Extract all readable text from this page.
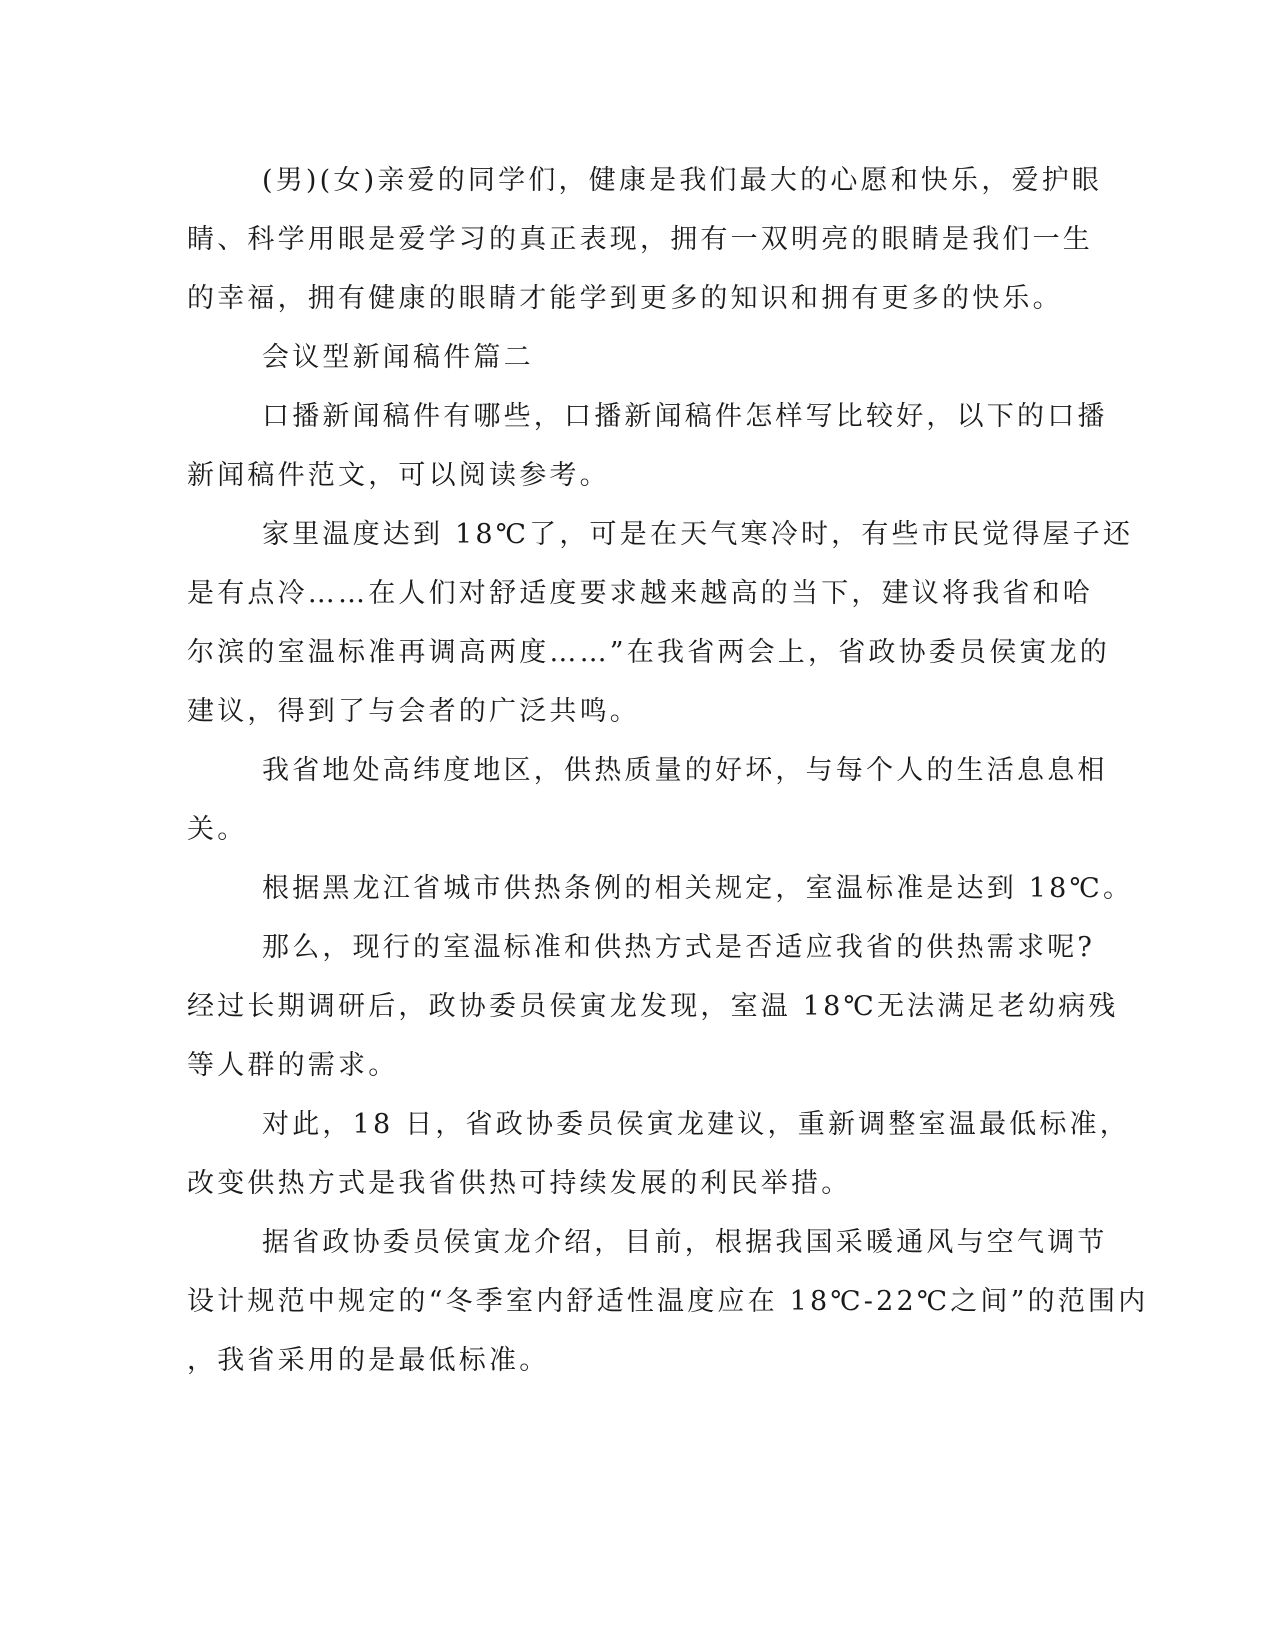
(男)(女)亲爱的同学们，健康是我们最大的心愿和快乐，爱护眼
睛、科学用眼是爱学习的真正表现，拥有一双明亮的眼睛是我们一生
的幸福，拥有健康的眼睛才能学到更多的知识和拥有更多的快乐。
会议型新闻稿件篇二
口播新闻稿件有哪些，口播新闻稿件怎样写比较好，以下的口播
新闻稿件范文，可以阅读参考。
家里温度达到 18℃了，可是在天气寒冷时，有些市民觉得屋子还
是有点冷……在人们对舒适度要求越来越高的当下，建议将我省和哈
尔滨的室温标准再调高两度……”在我省两会上，省政协委员侯寅龙的
建议，得到了与会者的广泛共鸣。
我省地处高纬度地区，供热质量的好坏，与每个人的生活息息相
关。
根据黑龙江省城市供热条例的相关规定，室温标准是达到 18℃。
那么，现行的室温标准和供热方式是否适应我省的供热需求呢?
经过长期调研后，政协委员侯寅龙发现，室温 18℃无法满足老幼病残
等人群的需求。
对此，18 日，省政协委员侯寅龙建议，重新调整室温最低标准，
改变供热方式是我省供热可持续发展的利民举措。
据省政协委员侯寅龙介绍，目前，根据我国采暖通风与空气调节
设计规范中规定的“冬季室内舒适性温度应在 18℃-22℃之间”的范围内
，我省采用的是最低标准。
